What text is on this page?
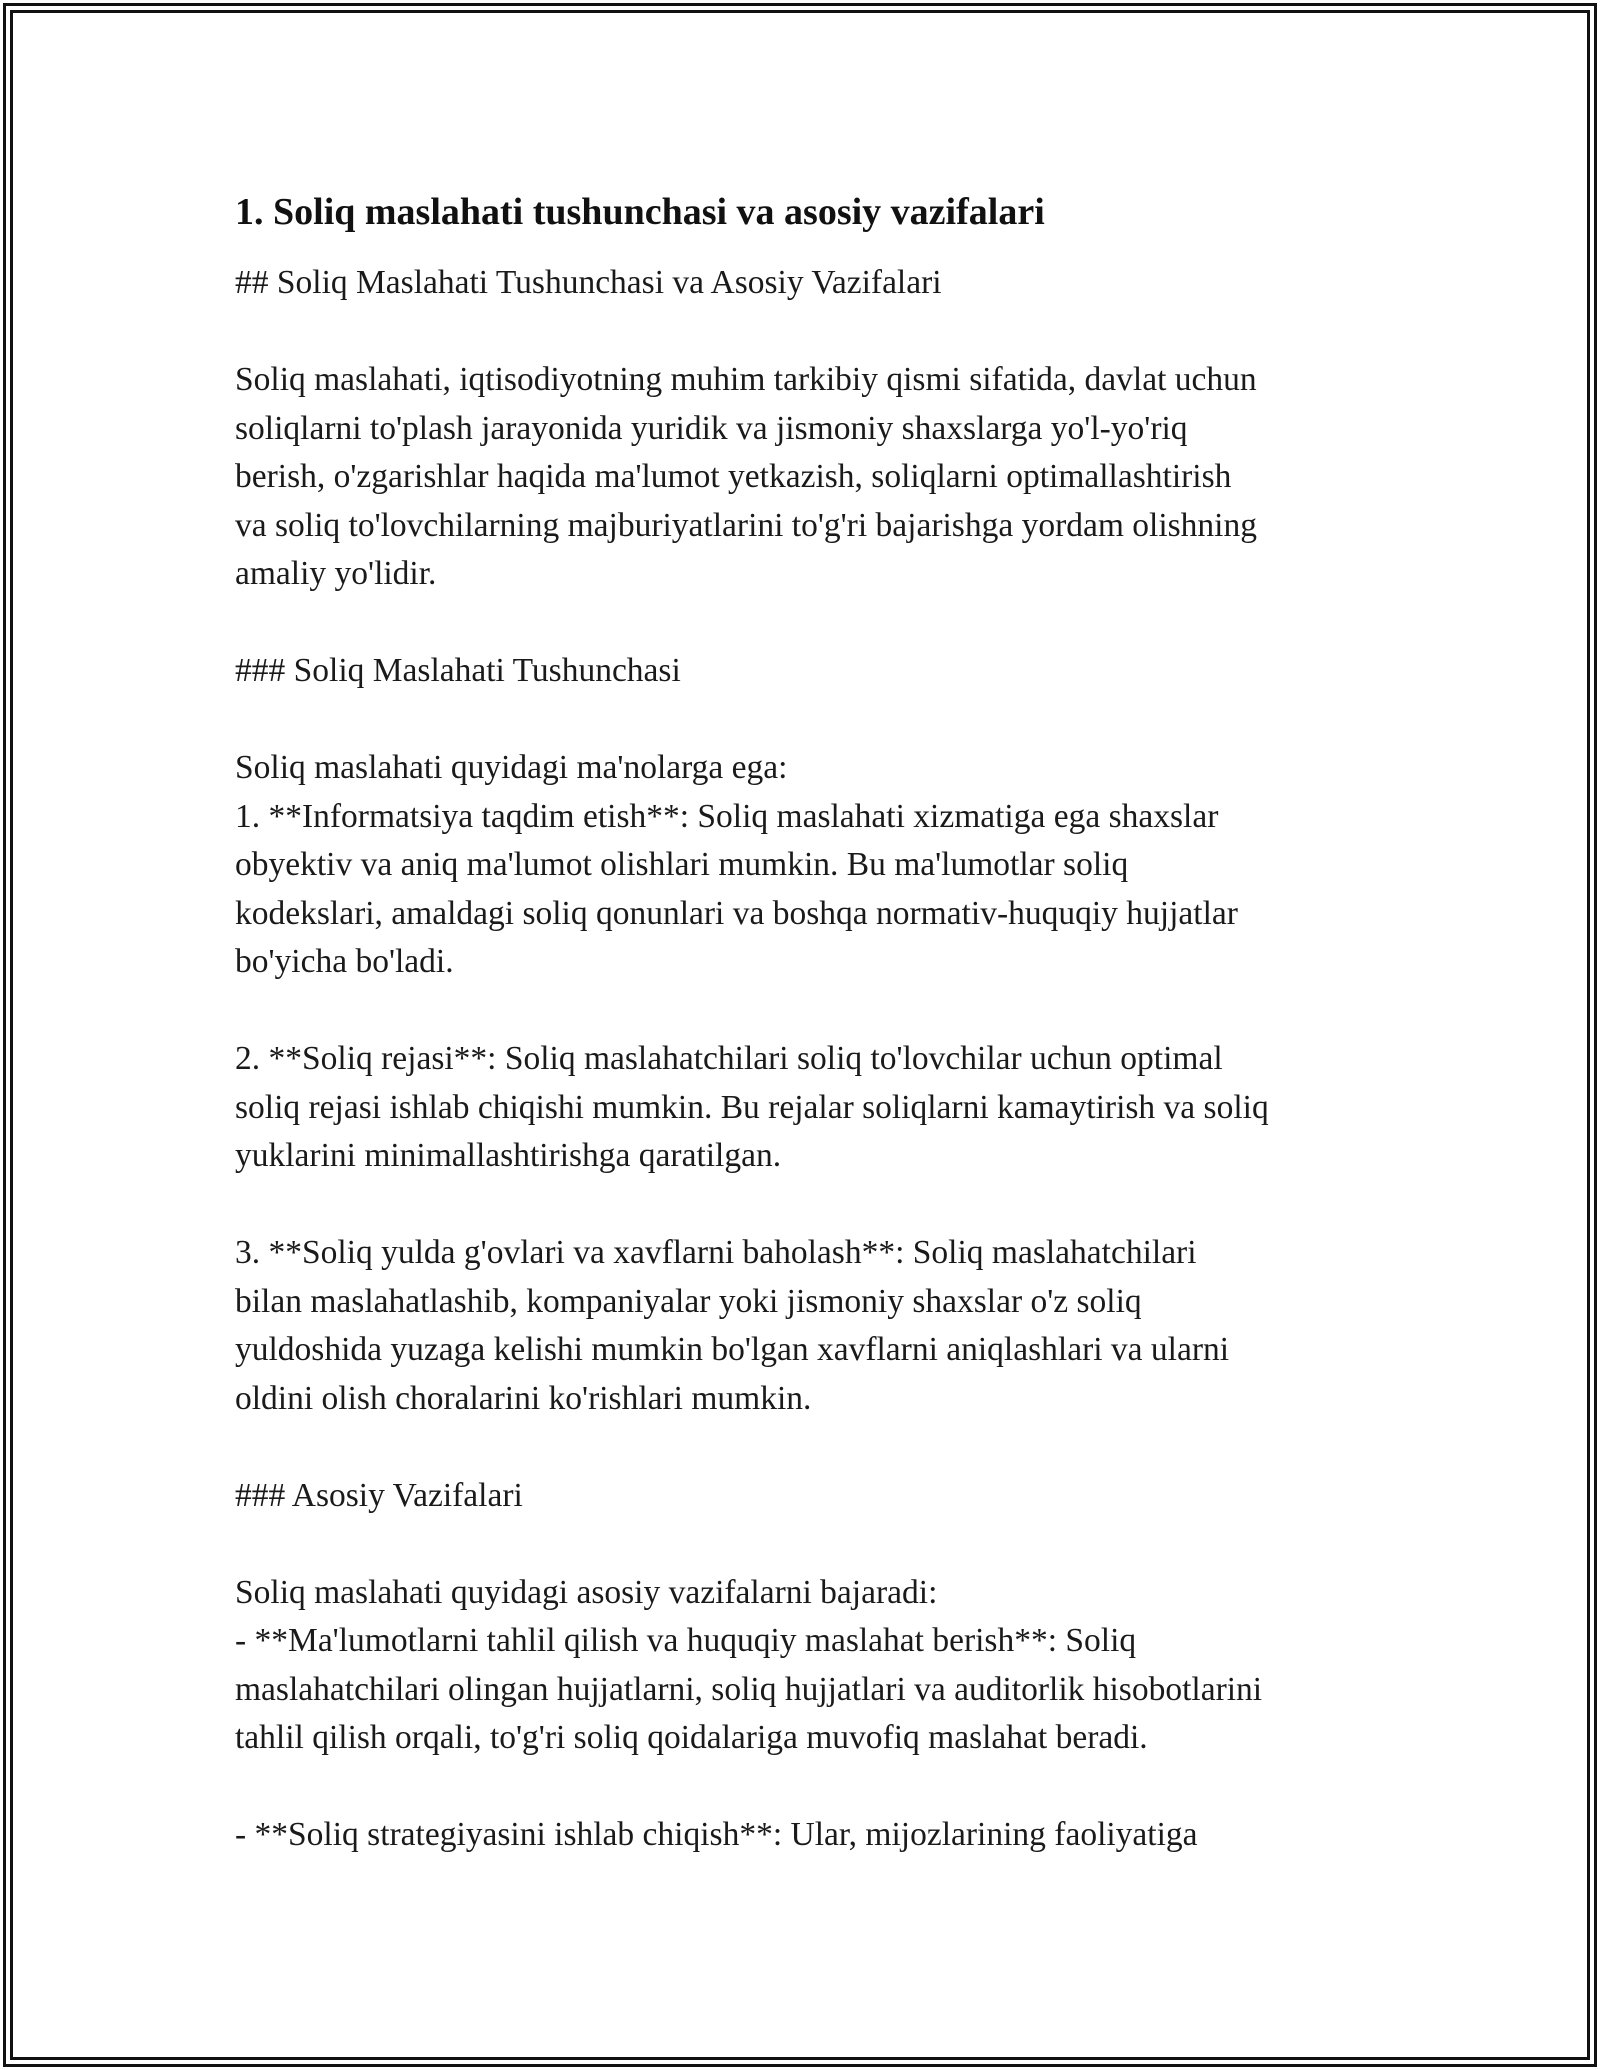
1. Soliq maslahati tushunchasi va asosiy vazifalari

## Soliq Maslahati Tushunchasi va Asosiy Vazifalari

Soliq maslahati, iqtisodiyotning muhim tarkibiy qismi sifatida, davlat uchun

soliqlarni to'plash jarayonida yuridik va jismoniy shaxslarga yo'l-yo'riq

berish, o'zgarishlar haqida ma'lumot yetkazish, soliqlarni optimallashtirish

va soliq to'lovchilarning majburiyatlarini to'g'ri bajarishga yordam olishning

amaliy yo'lidir.

### Soliq Maslahati Tushunchasi

Soliq maslahati quyidagi ma'nolarga ega:

1. **Informatsiya taqdim etish**: Soliq maslahati xizmatiga ega shaxslar

obyektiv va aniq ma'lumot olishlari mumkin. Bu ma'lumotlar soliq

kodekslari, amaldagi soliq qonunlari va boshqa normativ-huquqiy hujjatlar

bo'yicha bo'ladi.

2. **Soliq rejasi**: Soliq maslahatchilari soliq to'lovchilar uchun optimal

soliq rejasi ishlab chiqishi mumkin. Bu rejalar soliqlarni kamaytirish va soliq

yuklarini minimallashtirishga qaratilgan.

3. **Soliq yulda g'ovlari va xavflarni baholash**: Soliq maslahatchilari

bilan maslahatlashib, kompaniyalar yoki jismoniy shaxslar o'z soliq

yuldoshida yuzaga kelishi mumkin bo'lgan xavflarni aniqlashlari va ularni

oldini olish choralarini ko'rishlari mumkin.

### Asosiy Vazifalari

Soliq maslahati quyidagi asosiy vazifalarni bajaradi:

- **Ma'lumotlarni tahlil qilish va huquqiy maslahat berish**: Soliq

maslahatchilari olingan hujjatlarni, soliq hujjatlari va auditorlik hisobotlarini

tahlil qilish orqali, to'g'ri soliq qoidalariga muvofiq maslahat beradi.

- **Soliq strategiyasini ishlab chiqish**: Ular, mijozlarining faoliyatiga
